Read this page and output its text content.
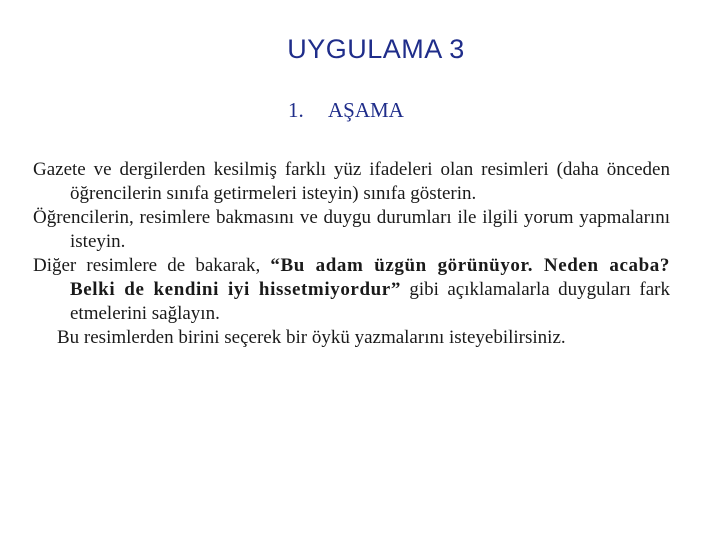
UYGULAMA 3
1. AŞAMA

Gazete ve dergilerden kesilmiş farklı yüz ifadeleri olan resimleri (daha önceden öğrencilerin sınıfa getirmeleri isteyin) sınıfa gösterin.

Öğrencilerin, resimlere bakmasını ve duygu durumları ile ilgili yorum yapmalarını isteyin.

Diğer resimlere de bakarak, “Bu adam üzgün görünüyor. Neden acaba? Belki de kendini iyi hissetmiyordur” gibi açıklamalarla duyguları fark etmelerini sağlayın.

Bu resimlerden birini seçerek bir öykü yazmalarını isteyebilirsiniz.
